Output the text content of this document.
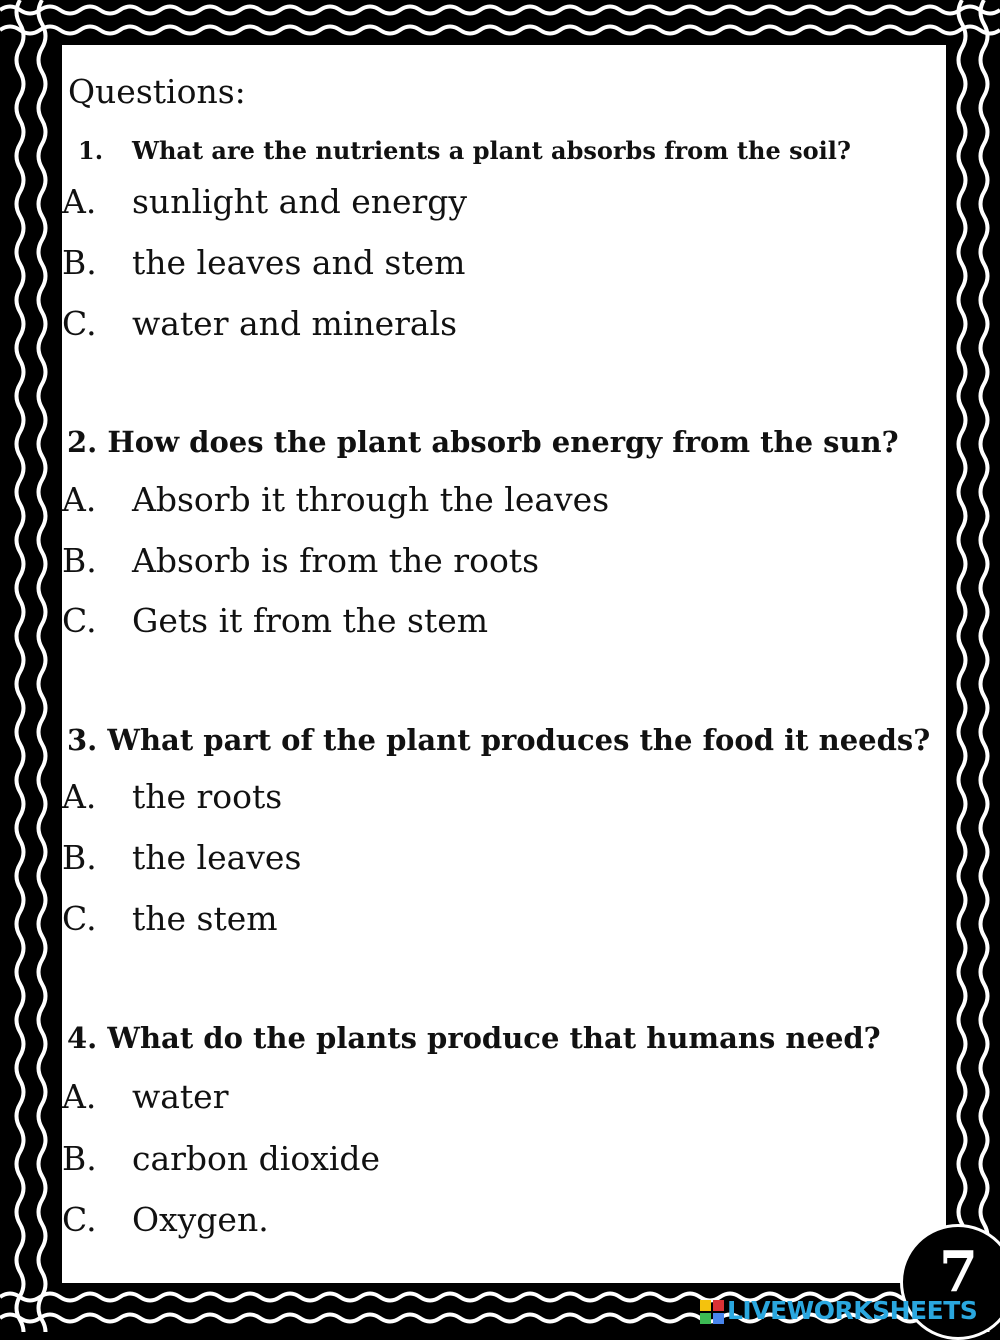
Questions:
1. What are the nutrients a plant absorbs from the soil?
A. sunlight and energy
B. the leaves and stem
C. water and minerals
2. How does the plant absorb energy from the sun?
A. Absorb it through the leaves
B. Absorb is from the roots
C. Gets it from the stem
3. What part of the plant produces the food it needs?
A. the roots
B. the leaves
C. the stem
4. What do the plants produce that humans need?
A. water
B. carbon dioxide
C. Oxygen.
7
LIVEWORKSHEETS
